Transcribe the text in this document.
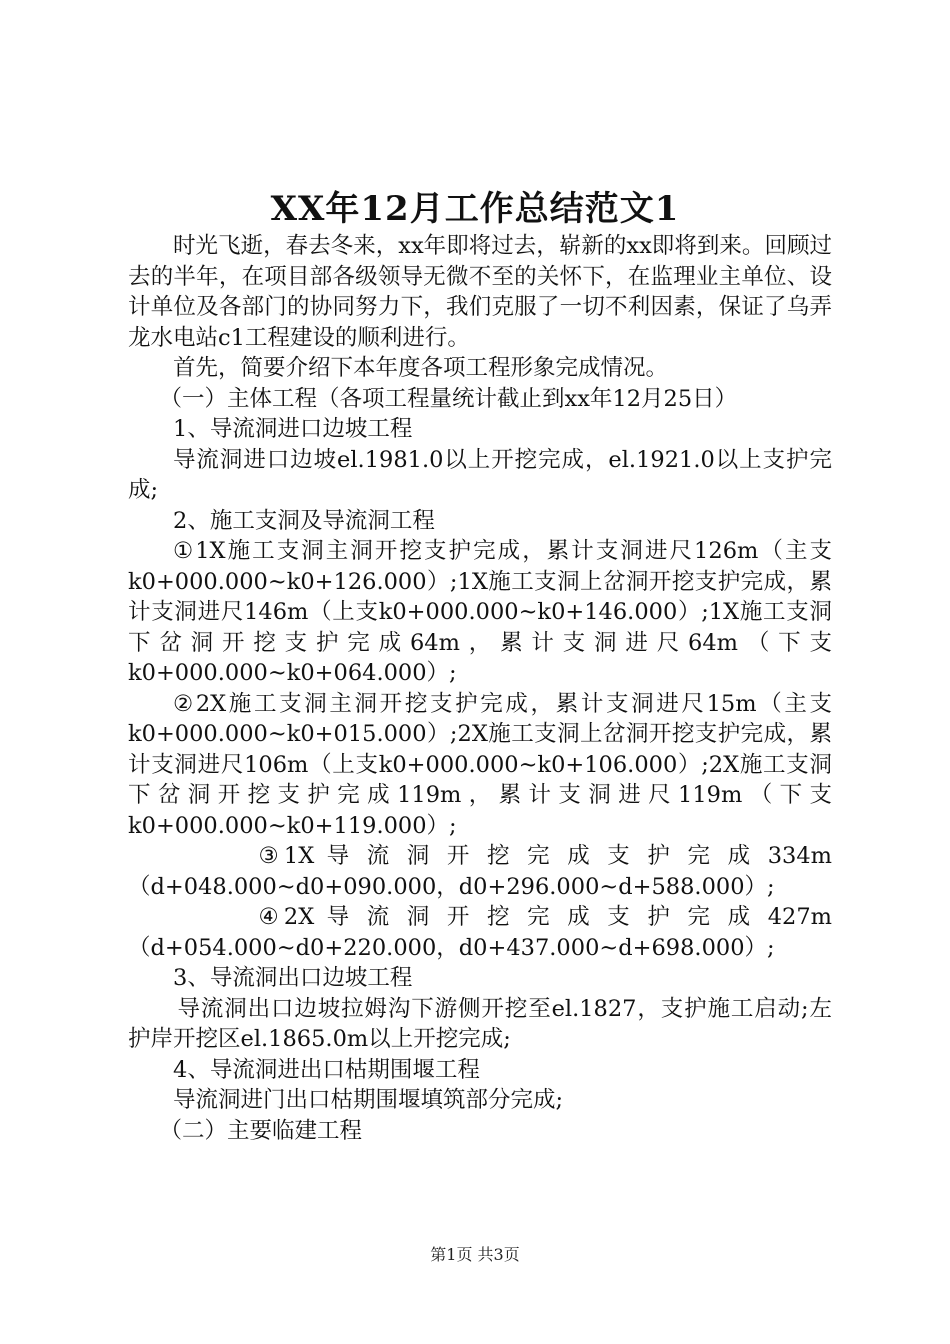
XX年12月工作总结范文1

时光飞逝，春去冬来，xx年即将过去，崭新的xx即将到来。回顾过去的半年，在项目部各级领导无微不至的关怀下，在监理业主单位、设计单位及各部门的协同努力下，我们克服了一切不利因素，保证了乌弄龙水电站c1工程建设的顺利进行。

首先，简要介绍下本年度各项工程形象完成情况。

（一）主体工程（各项工程量统计截止到xx年12月25日）

1、导流洞进口边坡工程

导流洞进口边坡el.1981.0以上开挖完成，el.1921.0以上支护完成;

2、施工支洞及导流洞工程

①1X施工支洞主洞开挖支护完成，累计支洞进尺126m（主支k0+000.000~k0+126.000）;1X施工支洞上岔洞开挖支护完成，累计支洞进尺146m（上支k0+000.000~k0+146.000）;1X施工支洞下岔洞开挖支护完成64m，累计支洞进尺64m（下支k0+000.000~k0+064.000）;

②2X施工支洞主洞开挖支护完成，累计支洞进尺15m（主支k0+000.000~k0+015.000）;2X施工支洞上岔洞开挖支护完成，累计支洞进尺106m（上支k0+000.000~k0+106.000）;2X施工支洞下岔洞开挖支护完成119m，累计支洞进尺119m（下支k0+000.000~k0+119.000）;

③1X 导 流 洞 开 挖 完 成 支 护 完 成 334m（d+048.000~d0+090.000，d0+296.000~d+588.000）;

④2X 导 流 洞 开 挖 完 成 支 护 完 成 427m（d+054.000~d0+220.000，d0+437.000~d+698.000）;

3、导流洞出口边坡工程

导流洞出口边坡拉姆沟下游侧开挖至el.1827，支护施工启动;左护岸开挖区el.1865.0m以上开挖完成;

4、导流洞进出口枯期围堰工程

导流洞进门出口枯期围堰填筑部分完成;

（二）主要临建工程

第1页 共3页
